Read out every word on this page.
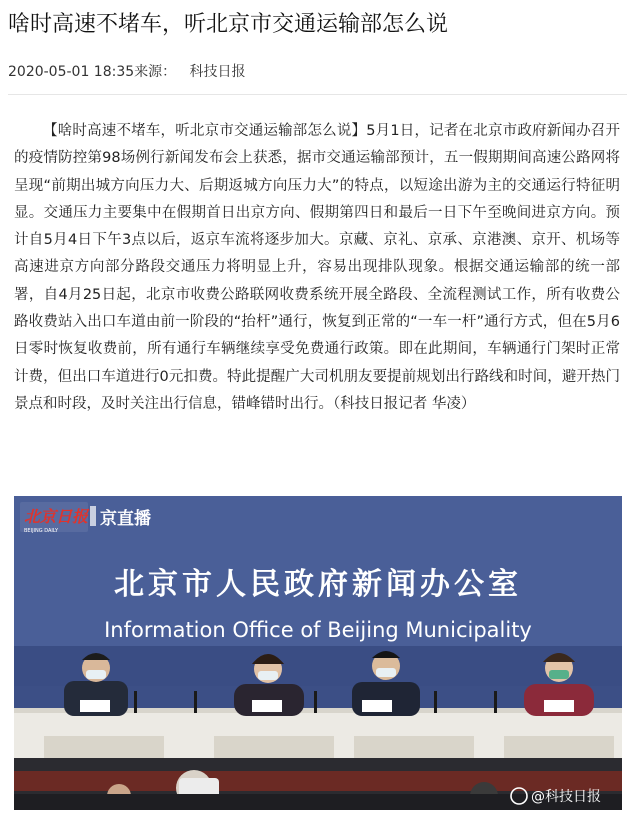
啥时高速不堵车，听北京市交通运输部怎么说
2020-05-01 18:35来源： 科技日报

【啥时高速不堵车，听北京市交通运输部怎么说】5月1日，记者在北京市政府新闻办召开的疫情防控第98场例行新闻发布会上获悉，据市交通运输部预计，五一假期期间高速公路网将呈现“前期出城方向压力大、后期返城方向压力大”的特点，以短途出游为主的交通运行特征明显。交通压力主要集中在假期首日出京方向、假期第四日和最后一日下午至晚间进京方向。预计自5月4日下午3点以后，返京车流将逐步加大。京藏、京礼、京承、京港澳、京开、机场等高速进京方向部分路段交通压力将明显上升，容易出现排队现象。根据交通运输部的统一部署，自4月25日起，北京市收费公路联网收费系统开展全路段、全流程测试工作，所有收费公路收费站入出口车道由前一阶段的“抬杆”通行，恢复到正常的“一车一杆”通行方式，但在5月6日零时恢复收费前，所有通行车辆继续享受免费通行政策。即在此期间，车辆通行门架时正常计费，但出口车道进行0元扣费。特此提醒广大司机朋友要提前规划出行路线和时间，避开热门景点和时段，及时关注出行信息，错峰错时出行。（科技日报记者 华凌）

北京日报
BEIJING DAILY
京直播
北京市人民政府新闻办公室
Information Office of Beijing Municipality
@科技日报
